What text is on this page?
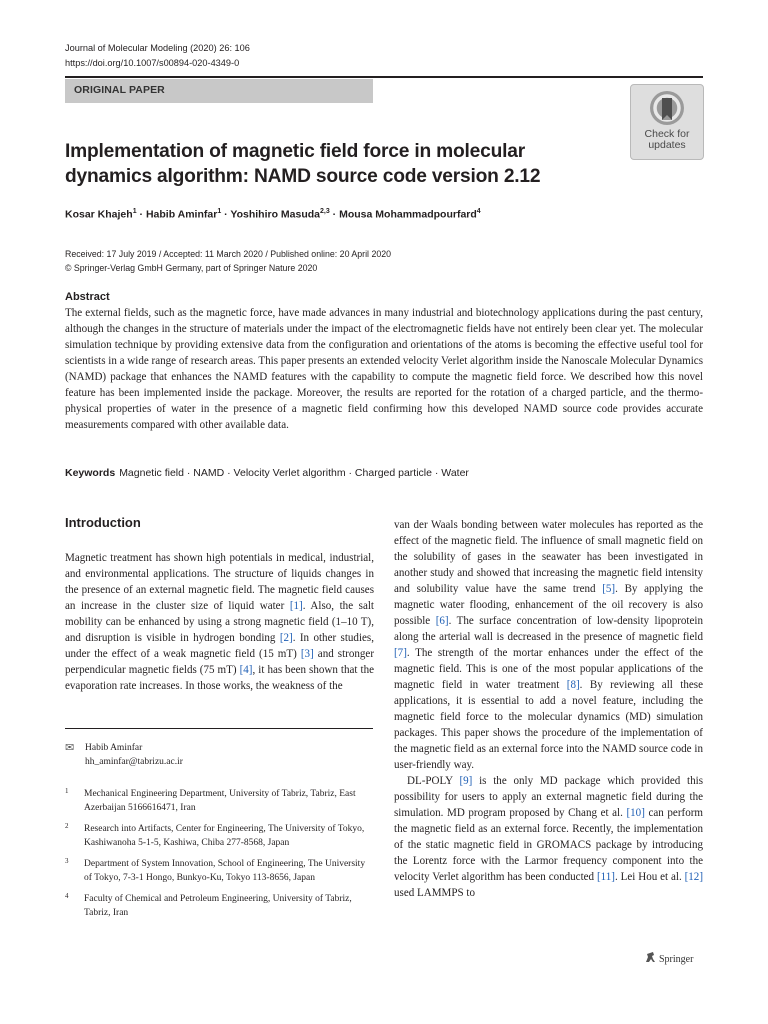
Journal of Molecular Modeling (2020) 26: 106
https://doi.org/10.1007/s00894-020-4349-0
ORIGINAL PAPER
Check for
updates
Implementation of magnetic field force in molecular dynamics algorithm: NAMD source code version 2.12
Kosar Khajeh$^1$ · Habib Aminfar$^1$ · Yoshihiro Masuda$^{2,3}$ · Mousa Mohammadpourfard$^4$
Received: 17 July 2019 / Accepted: 11 March 2020 / Published online: 20 April 2020
© Springer-Verlag GmbH Germany, part of Springer Nature 2020
Abstract
The external fields, such as the magnetic force, have made advances in many industrial and biotechnology applications during the past century, although the changes in the structure of materials under the impact of the electromagnetic fields have not entirely been clear yet. The molecular simulation technique by providing extensive data from the configuration and orientations of the atoms is becoming the effective useful tool for scientists in a wide range of research areas. This paper presents an extended velocity Verlet algorithm inside the Nanoscale Molecular Dynamics (NAMD) package that enhances the NAMD features with the capability to compute the magnetic field force. We described how this novel feature has been implemented inside the package. Moreover, the results are reported for the rotation of a charged particle, and the thermo-physical properties of water in the presence of a magnetic field confirming how this developed NAMD source code provides accurate measurements compared with other available data.
Keywords Magnetic field · NAMD · Velocity Verlet algorithm · Charged particle · Water
Introduction

Magnetic treatment has shown high potentials in medical, industrial, and environmental applications. The structure of liquids changes in the presence of an external magnetic field. The magnetic field causes an increase in the cluster size of liquid water [1]. Also, the salt mobility can be enhanced by using a strong magnetic field (1–10 T), and disruption is visible in hydrogen bonding [2]. In other studies, under the effect of a weak magnetic field (15 mT) [3] and stronger perpendicular magnetic fields (75 mT) [4], it has been shown that the evaporation rate increases. In those works, the weakness of the

van der Waals bonding between water molecules has reported as the effect of the magnetic field. The influence of small magnetic field on the solubility of gases in the seawater has been investigated in another study and showed that increasing the magnetic field intensity and solubility value have the same trend [5]. By applying the magnetic water flooding, enhancement of the oil recovery is also possible [6]. The surface concentration of low-density lipoprotein along the arterial wall is decreased in the presence of magnetic field [7]. The strength of the mortar enhances under the effect of the magnetic field. This is one of the most popular applications of the magnetic field in water treatment [8]. By reviewing all these applications, it is essential to add a novel feature, including the magnetic field force to the molecular dynamics (MD) simulation packages. This paper shows the procedure of the implementation of the magnetic field as an external force into the NAMD source code in user-friendly way.

DL-POLY [9] is the only MD package which provided this possibility for users to apply an external magnetic field during the simulation. MD program proposed by Chang et al. [10] can perform the magnetic field as an external force. Recently, the implementation of the static magnetic field in GROMACS package by introducing the Lorentz force with the Larmor frequency component into the velocity Verlet algorithm has been conducted [11]. Lei Hou et al. [12] used LAMMPS to

✉ Habib Aminfar
hh_aminfar@tabrizu.ac.ir
1 Mechanical Engineering Department, University of Tabriz, Tabriz, East Azerbaijan 5166616471, Iran
2 Research into Artifacts, Center for Engineering, The University of Tokyo, Kashiwanoha 5-1-5, Kashiwa, Chiba 277-8568, Japan
3 Department of System Innovation, School of Engineering, The University of Tokyo, 7-3-1 Hongo, Bunkyo-Ku, Tokyo 113-8656, Japan
4 Faculty of Chemical and Petroleum Engineering, University of Tabriz, Tabriz, Iran
Springer
